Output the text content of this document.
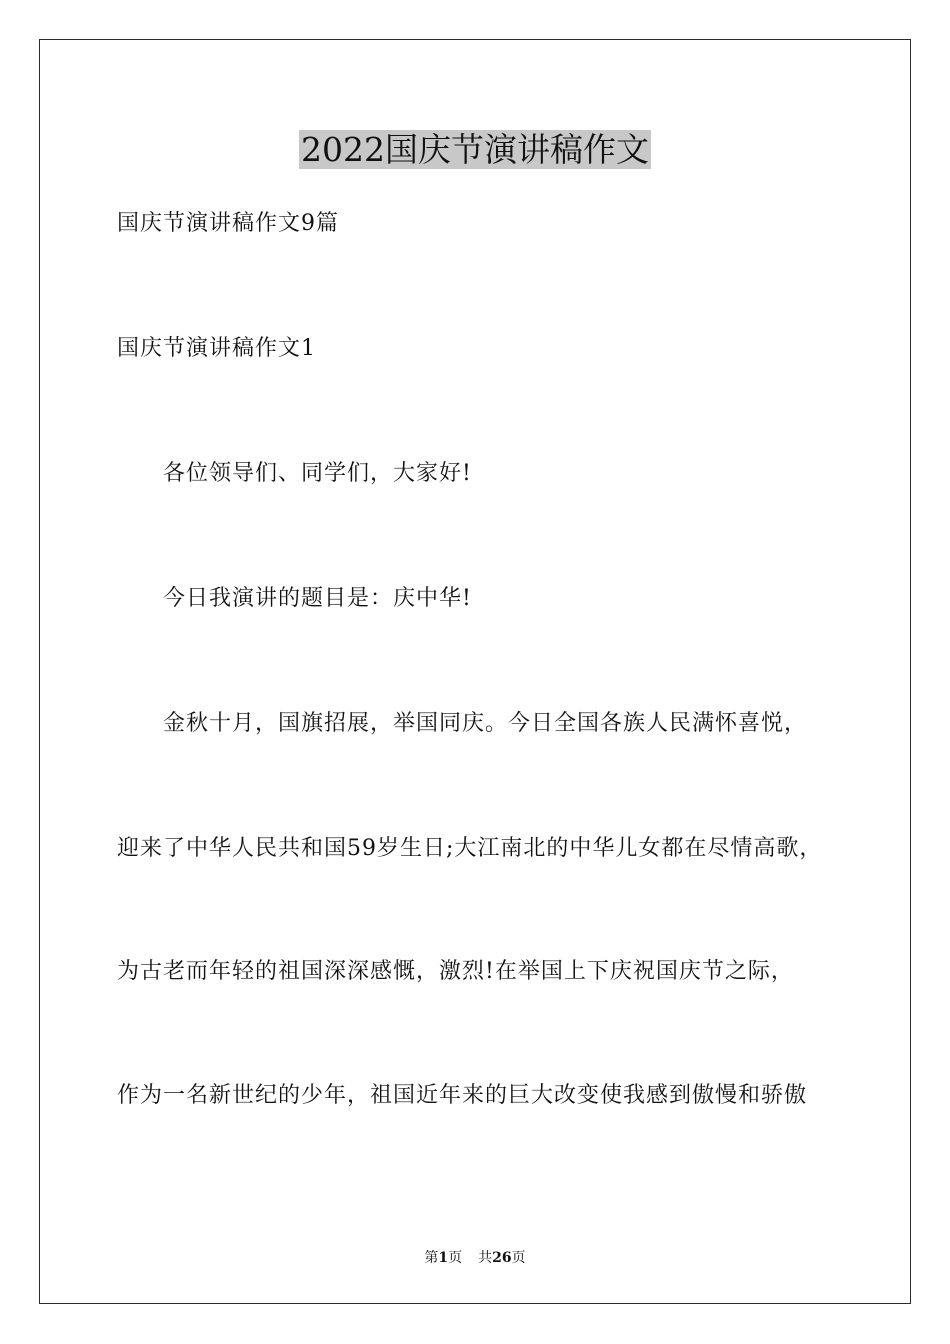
2022国庆节演讲稿作文
国庆节演讲稿作文9篇
国庆节演讲稿作文1
各位领导们、同学们，大家好!
今日我演讲的题目是：庆中华!
金秋十月，国旗招展，举国同庆。今日全国各族人民满怀喜悦，
迎来了中华人民共和国59岁生日;大江南北的中华儿女都在尽情高歌，
为古老而年轻的祖国深深感慨，激烈!在举国上下庆祝国庆节之际，
作为一名新世纪的少年，祖国近年来的巨大改变使我感到傲慢和骄傲
第1页 共26页
